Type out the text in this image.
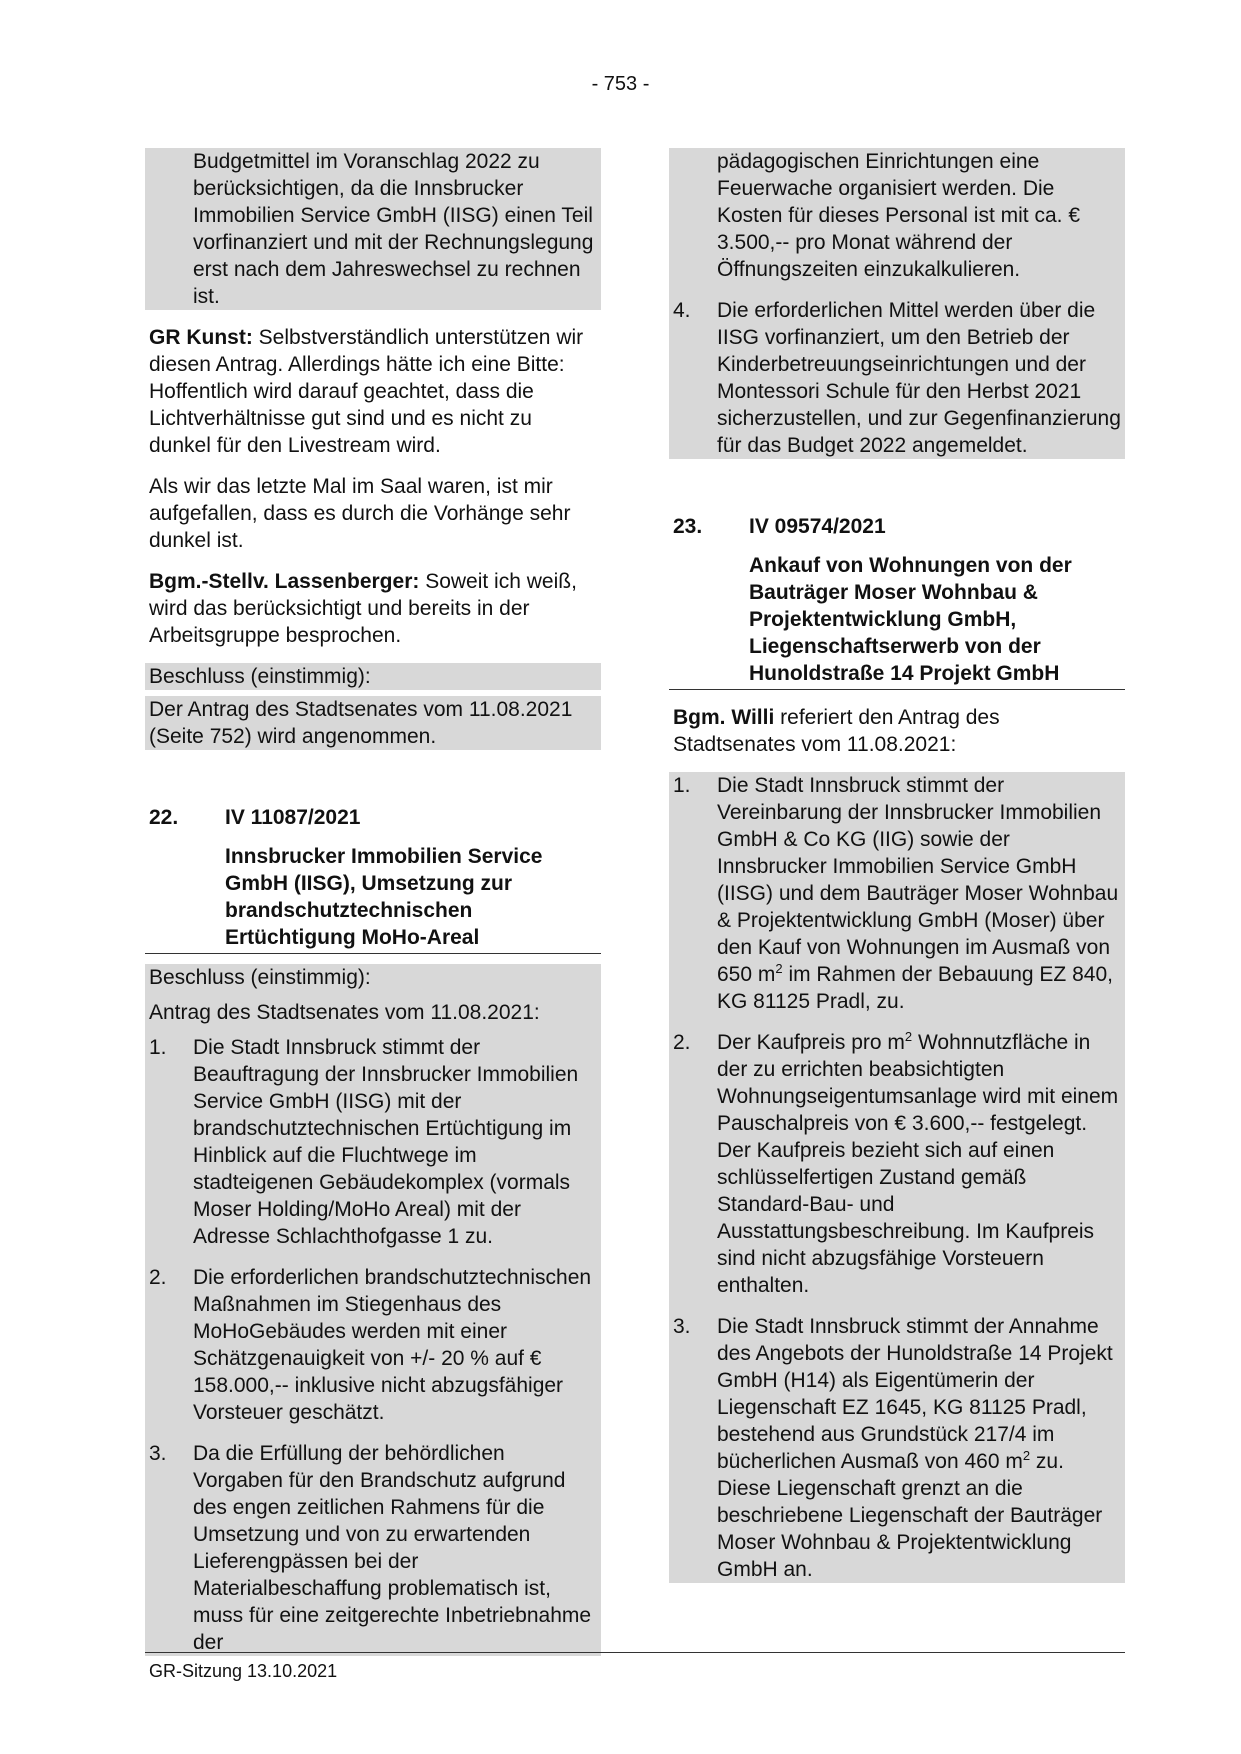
- 753 -

Budgetmittel im Voranschlag 2022 zu berücksichtigen, da die Innsbrucker Immobilien Service GmbH (IISG) einen Teil vorfinanziert und mit der Rechnungslegung erst nach dem Jahreswechsel zu rechnen ist.

GR Kunst: Selbstverständlich unterstützen wir diesen Antrag. Allerdings hätte ich eine Bitte: Hoffentlich wird darauf geachtet, dass die Lichtverhältnisse gut sind und es nicht zu dunkel für den Livestream wird.

Als wir das letzte Mal im Saal waren, ist mir aufgefallen, dass es durch die Vorhänge sehr dunkel ist.

Bgm.-Stellv. Lassenberger: Soweit ich weiß, wird das berücksichtigt und bereits in der Arbeitsgruppe besprochen.

Beschluss (einstimmig):

Der Antrag des Stadtsenates vom 11.08.2021 (Seite 752) wird angenommen.

22. IV 11087/2021
Innsbrucker Immobilien Service GmbH (IISG), Umsetzung zur brandschutztechnischen Ertüchtigung MoHo-Areal

Beschluss (einstimmig):

Antrag des Stadtsenates vom 11.08.2021:

1. Die Stadt Innsbruck stimmt der Beauftragung der Innsbrucker Immobilien Service GmbH (IISG) mit der brandschutztechnischen Ertüchtigung im Hinblick auf die Fluchtwege im stadteigenen Gebäudekomplex (vormals Moser Holding/MoHo Areal) mit der Adresse Schlachthofgasse 1 zu.
2. Die erforderlichen brandschutztechnischen Maßnahmen im Stiegenhaus des MoHoGebäudes werden mit einer Schätzgenauigkeit von +/- 20 % auf € 158.000,-- inklusive nicht abzugsfähiger Vorsteuer geschätzt.
3. Da die Erfüllung der behördlichen Vorgaben für den Brandschutz aufgrund des engen zeitlichen Rahmens für die Umsetzung und von zu erwartenden Lieferengpässen bei der Materialbeschaffung problematisch ist, muss für eine zeitgerechte Inbetriebnahme der

pädagogischen Einrichtungen eine Feuerwache organisiert werden. Die Kosten für dieses Personal ist mit ca. € 3.500,-- pro Monat während der Öffnungszeiten einzukalkulieren.

4. Die erforderlichen Mittel werden über die IISG vorfinanziert, um den Betrieb der Kinderbetreuungseinrichtungen und der Montessori Schule für den Herbst 2021 sicherzustellen, und zur Gegenfinanzierung für das Budget 2022 angemeldet.
23. IV 09574/2021
Ankauf von Wohnungen von der Bauträger Moser Wohnbau & Projektentwicklung GmbH, Liegenschaftserwerb von der Hunoldstraße 14 Projekt GmbH

Bgm. Willi referiert den Antrag des Stadtsenates vom 11.08.2021:

1. Die Stadt Innsbruck stimmt der Vereinbarung der Innsbrucker Immobilien GmbH & Co KG (IIG) sowie der Innsbrucker Immobilien Service GmbH (IISG) und dem Bauträger Moser Wohnbau & Projektentwicklung GmbH (Moser) über den Kauf von Wohnungen im Ausmaß von 650 $m^2$ im Rahmen der Bebauung EZ 840, KG 81125 Pradl, zu.
2. Der Kaufpreis pro $m^2$ Wohnnutzfläche in der zu errichten beabsichtigten Wohnungseigentumsanlage wird mit einem Pauschalpreis von € 3.600,-- festgelegt. Der Kaufpreis bezieht sich auf einen schlüsselfertigen Zustand gemäß Standard-Bau- und Ausstattungsbeschreibung. Im Kaufpreis sind nicht abzugsfähige Vorsteuern enthalten.
3. Die Stadt Innsbruck stimmt der Annahme des Angebots der Hunoldstraße 14 Projekt GmbH (H14) als Eigentümerin der Liegenschaft EZ 1645, KG 81125 Pradl, bestehend aus Grundstück 217/4 im bücherlichen Ausmaß von 460 $m^2$ zu. Diese Liegenschaft grenzt an die beschriebene Liegenschaft der Bauträger Moser Wohnbau & Projektentwicklung GmbH an.
GR-Sitzung 13.10.2021
